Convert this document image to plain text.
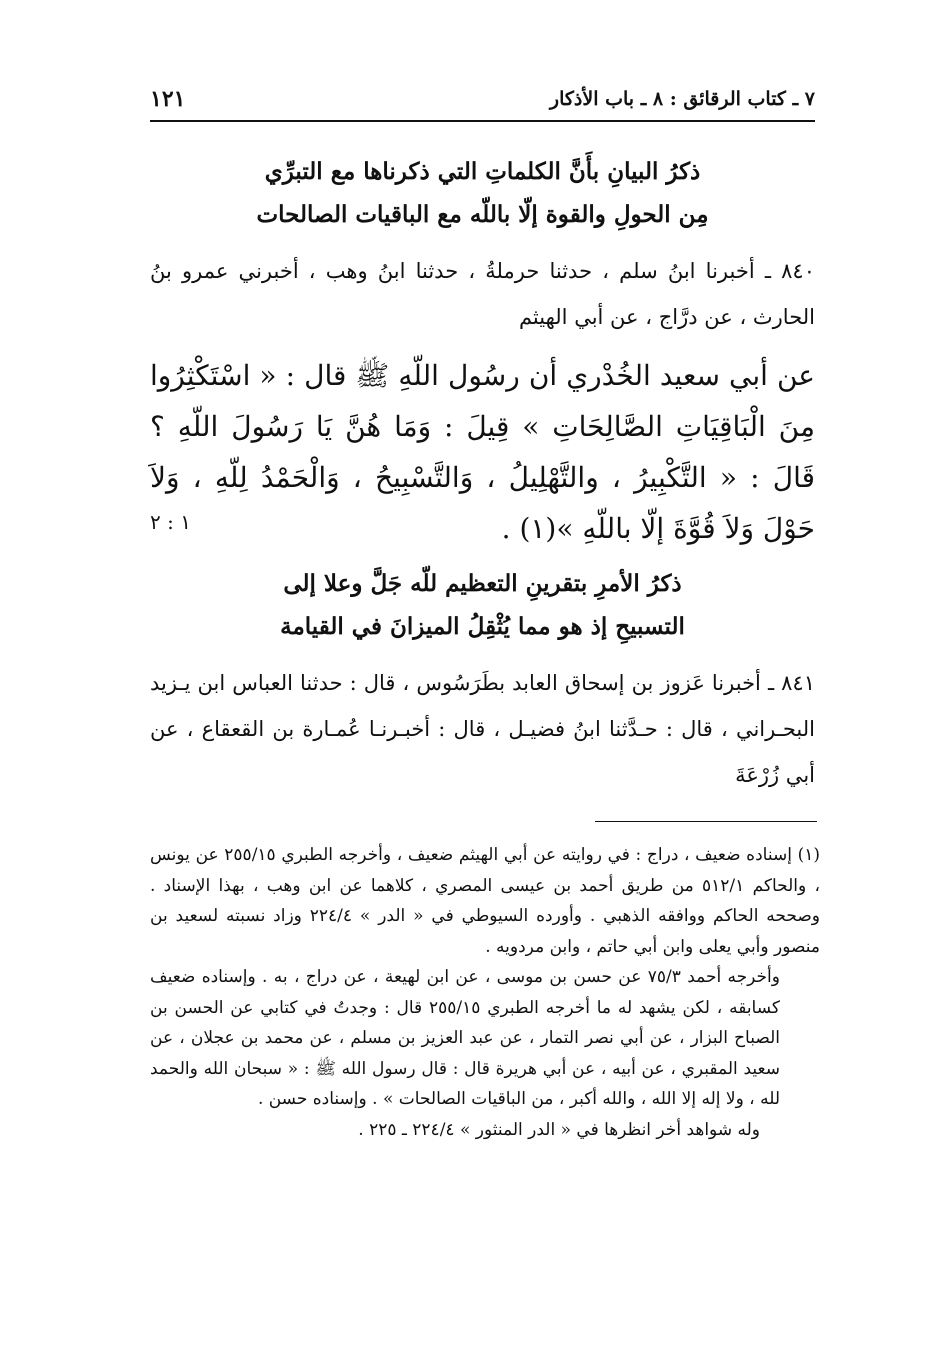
٧ ـ كتاب الرقائق : ٨ ـ باب الأذكار
١٢١
ذكرُ البيانِ بأَنَّ الكلماتِ التي ذكرناها مع التبرِّي
مِن الحولِ والقوة إلّا باللّه مع الباقيات الصالحات

٨٤٠ ـ أخبرنا ابنُ سلم ، حدثنا حرملةُ ، حدثنا ابنُ وهب ، أخبرني عمرو بنُ الحارث ، عن درَّاج ، عن أبي الهيثم

عن أبي سعيد الخُدْري أن رسُول اللّهِ ﷺ قال : « اسْتَكْثِرُوا مِنَ الْبَاقِيَاتِ الصَّالِحَاتِ » قِيلَ : وَمَا هُنَّ يَا رَسُولَ اللّهِ ؟ قَالَ : « التَّكْبِيرُ ، والتَّهْلِيلُ ، وَالتَّسْبِيحُ ، وَالْحَمْدُ لِلّهِ ، وَلاَ حَوْلَ وَلاَ قُوَّةَ إلّا باللّهِ »(١) .
١ : ٢
ذكرُ الأمرِ بتقرينِ التعظيم للّه جَلَّ وعلا إلى
التسبيحِ إذ هو مما يُثْقِلُ الميزانَ في القيامة

٨٤١ ـ أخبرنا عَزوز بن إسحاق العابد بطَرَسُوس ، قال : حدثنا العباس ابن يـزيد البحـراني ، قال : حـدَّثنا ابنُ فضيـل ، قال : أخبـرنـا عُمـارة بن القعقاع ، عن أبي زُرْعَةَ

(١) إسناده ضعيف ، دراج : في روايته عن أبي الهيثم ضعيف ، وأخرجه الطبري ٢٥٥/١٥ عن يونس ، والحاكم ٥١٢/١ من طريق أحمد بن عيسى المصري ، كلاهما عن ابن وهب ، بهذا الإسناد . وصححه الحاكم ووافقه الذهبي . وأورده السيوطي في « الدر » ٢٢٤/٤ وزاد نسبته لسعيد بن منصور وأبي يعلى وابن أبي حاتم ، وابن مردويه .

وأخرجه أحمد ٧٥/٣ عن حسن بن موسى ، عن ابن لهيعة ، عن دراج ، به . وإسناده ضعيف كسابقه ، لكن يشهد له ما أخرجه الطبري ٢٥٥/١٥ قال : وجدتُ في كتابي عن الحسن بن الصباح البزار ، عن أبي نصر التمار ، عن عبد العزيز بن مسلم ، عن محمد بن عجلان ، عن سعيد المقبري ، عن أبيه ، عن أبي هريرة قال : قال رسول الله ﷺ : « سبحان الله والحمد لله ، ولا إله إلا الله ، والله أكبر ، من الباقيات الصالحات » . وإسناده حسن .

وله شواهد أخر انظرها في « الدر المنثور » ٢٢٤/٤ ـ ٢٢٥ .
